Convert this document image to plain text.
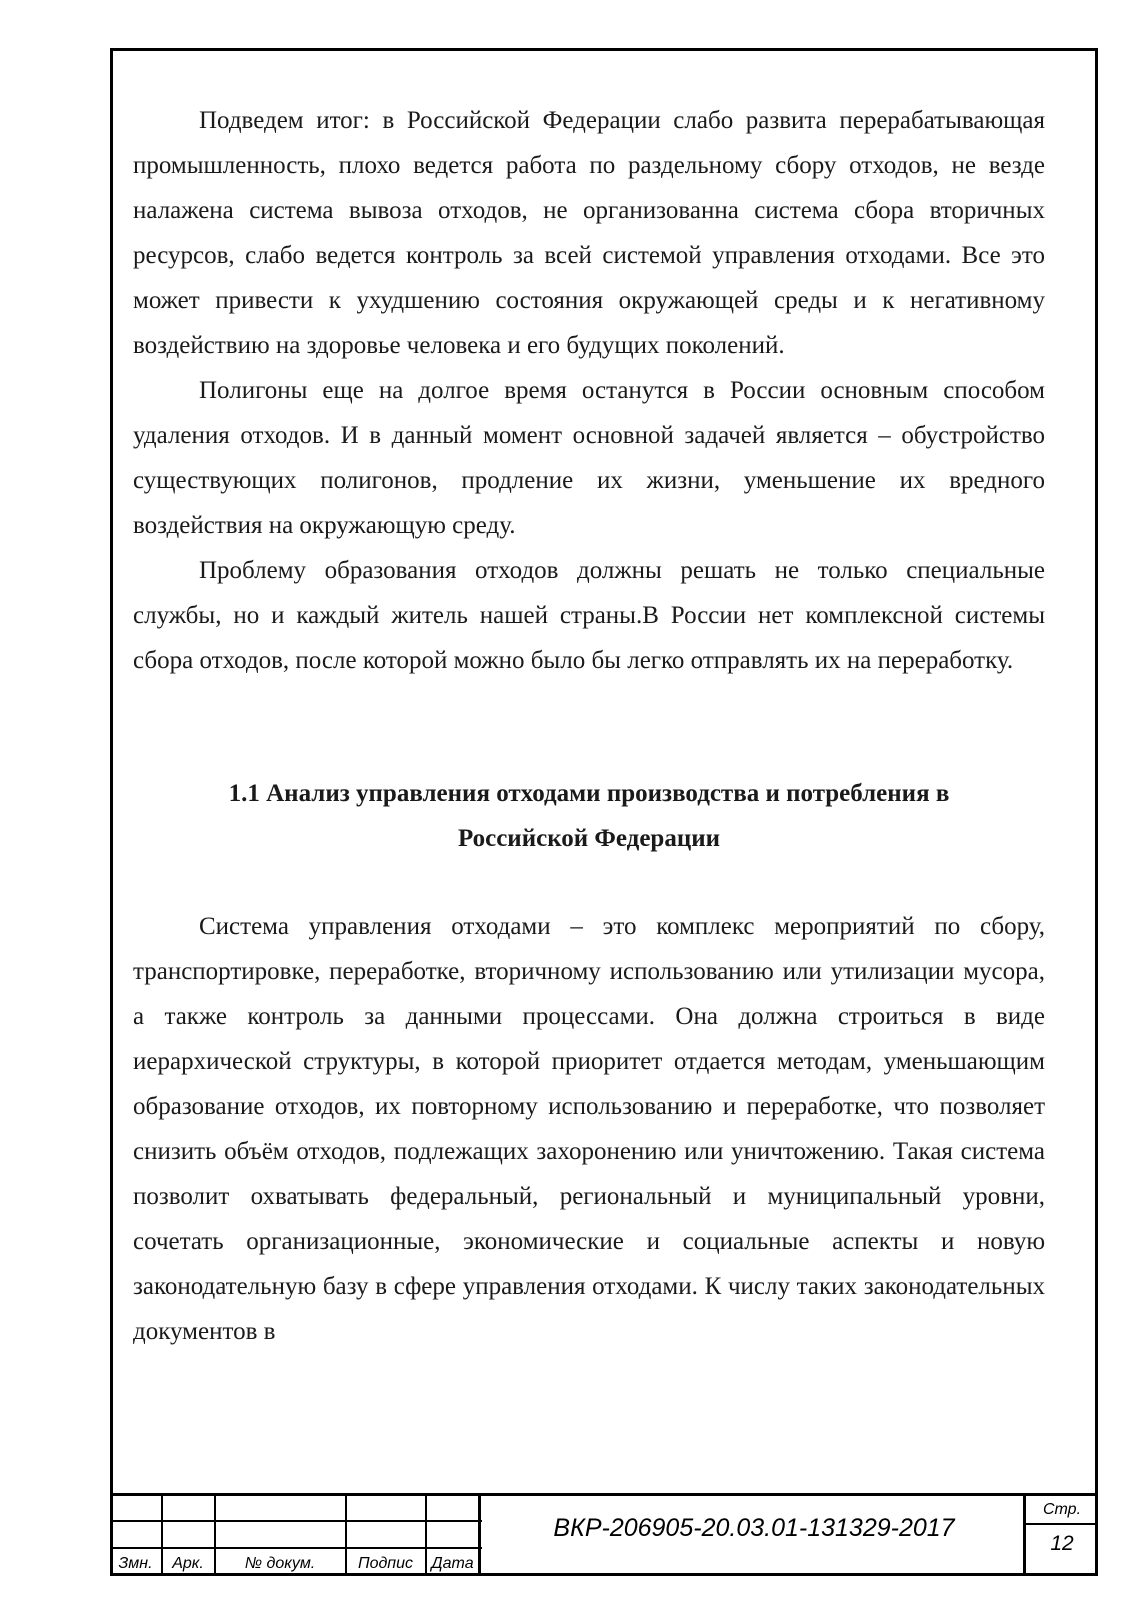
Подведем итог: в Российской Федерации слабо развита перерабатывающая промышленность, плохо ведется работа по раздельному сбору отходов, не везде налажена система вывоза отходов, не организованна система сбора вторичных ресурсов, слабо ведется контроль за всей системой управления отходами. Все это может привести к ухудшению состояния окружающей среды и к негативному воздействию на здоровье человека и его будущих поколений.

Полигоны еще на долгое время останутся в России основным способом удаления отходов. И в данный момент основной задачей является – обустройство существующих полигонов, продление их жизни, уменьшение их вредного воздействия на окружающую среду.

Проблему образования отходов должны решать не только специальные службы, но и каждый житель нашей страны.В России нет комплексной системы сбора отходов, после которой можно было бы легко отправлять их на переработку.

1.1 Анализ управления отходами производства и потребления в Российской Федерации

Система управления отходами – это комплекс мероприятий по сбору, транспортировке, переработке, вторичному использованию или утилизации мусора, а также контроль за данными процессами. Она должна строиться в виде иерархической структуры, в которой приоритет отдается методам, уменьшающим образование отходов, их повторному использованию и переработке, что позволяет снизить объём отходов, подлежащих захоронению или уничтожению. Такая система позволит охватывать федеральный, региональный и муниципальный уровни, сочетать организационные, экономические и социальные аспекты и новую законодательную базу в сфере управления отходами. К числу таких законодательных документов в

Змн.	Арк.	№ докум.	Подпис	Дата
ВКР-206905-20.03.01-131329-2017
Стр.
12
